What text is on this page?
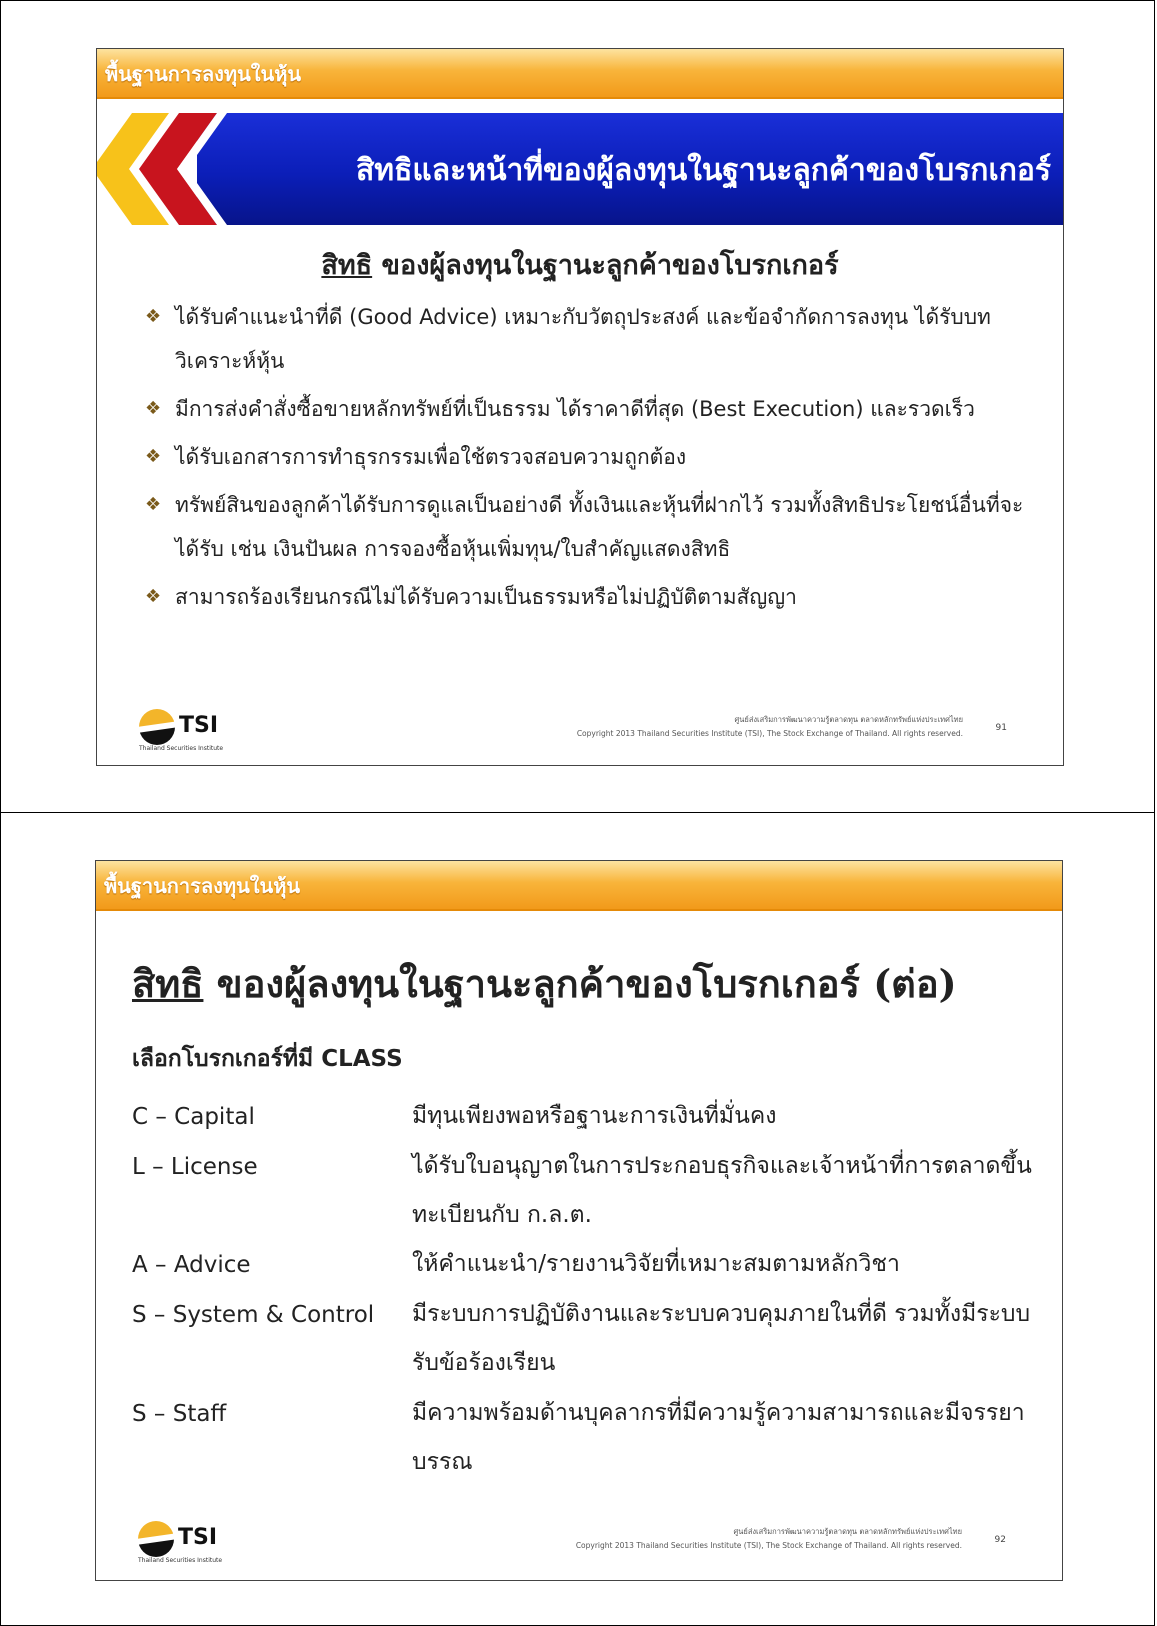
พื้นฐานการลงทุนในหุ้น
สิทธิและหน้าที่ของผู้ลงทุนในฐานะลูกค้าของโบรกเกอร์
สิทธิ ของผู้ลงทุนในฐานะลูกค้าของโบรกเกอร์
❖ ได้รับคำแนะนำที่ดี (Good Advice) เหมาะกับวัตถุประสงค์ และข้อจำกัดการลงทุน ได้รับบทวิเคราะห์หุ้น
❖ มีการส่งคำสั่งซื้อขายหลักทรัพย์ที่เป็นธรรม ได้ราคาดีที่สุด (Best Execution) และรวดเร็ว
❖ ได้รับเอกสารการทำธุรกรรมเพื่อใช้ตรวจสอบความถูกต้อง
❖ ทรัพย์สินของลูกค้าได้รับการดูแลเป็นอย่างดี ทั้งเงินและหุ้นที่ฝากไว้ รวมทั้งสิทธิประโยชน์อื่นที่จะได้รับ เช่น เงินปันผล การจองซื้อหุ้นเพิ่มทุน/ใบสำคัญแสดงสิทธิ
❖ สามารถร้องเรียนกรณีไม่ได้รับความเป็นธรรมหรือไม่ปฏิบัติตามสัญญา
TSI
Thailand Securities Institute
ศูนย์ส่งเสริมการพัฒนาความรู้ตลาดทุน ตลาดหลักทรัพย์แห่งประเทศไทย
Copyright 2013 Thailand Securities Institute (TSI), The Stock Exchange of Thailand. All rights reserved.
91
พื้นฐานการลงทุนในหุ้น
สิทธิ ของผู้ลงทุนในฐานะลูกค้าของโบรกเกอร์ (ต่อ)
เลือกโบรกเกอร์ที่มี CLASS
C – Capital	มีทุนเพียงพอหรือฐานะการเงินที่มั่นคง
L – License	ได้รับใบอนุญาตในการประกอบธุรกิจและเจ้าหน้าที่การตลาดขึ้นทะเบียนกับ ก.ล.ต.
A – Advice	ให้คำแนะนำ/รายงานวิจัยที่เหมาะสมตามหลักวิชา
S – System & Control มีระบบการปฏิบัติงานและระบบควบคุมภายในที่ดี รวมทั้งมีระบบรับข้อร้องเรียน
S – Staff	มีความพร้อมด้านบุคลากรที่มีความรู้ความสามารถและมีจรรยาบรรณ
TSI
Thailand Securities Institute
ศูนย์ส่งเสริมการพัฒนาความรู้ตลาดทุน ตลาดหลักทรัพย์แห่งประเทศไทย
Copyright 2013 Thailand Securities Institute (TSI), The Stock Exchange of Thailand. All rights reserved.
92
